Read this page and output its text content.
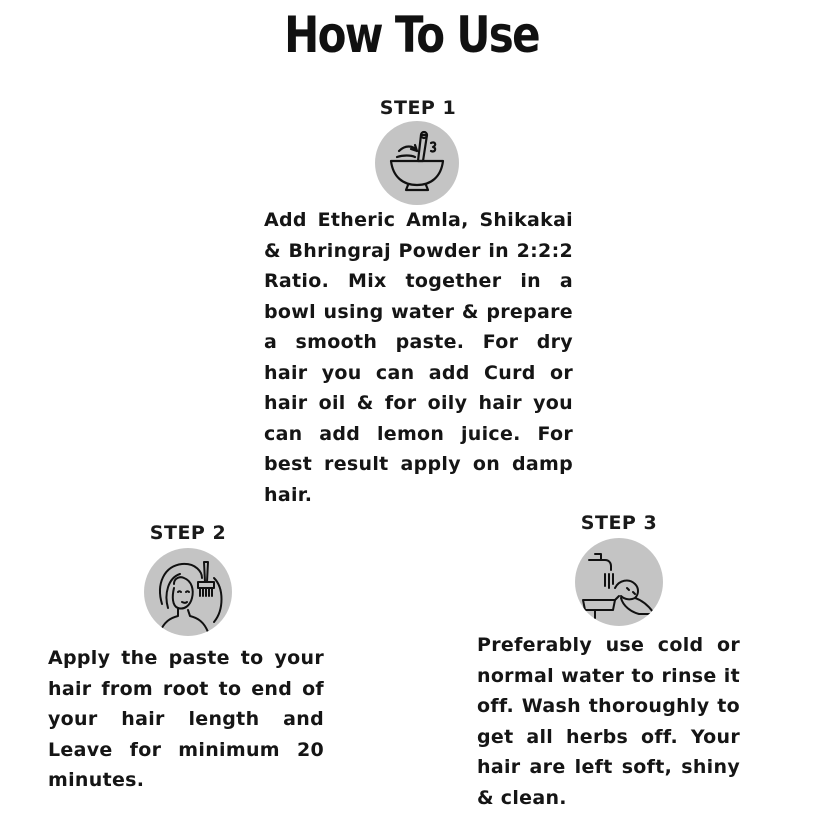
How To Use
STEP 1
Add Etheric Amla, Shikakai & Bhringraj Powder in 2:2:2 Ratio. Mix together in a bowl using water & prepare a smooth paste. For dry hair you can add Curd or hair oil & for oily hair you can add lemon juice. For best result apply on damp hair.
STEP 2
Apply the paste to your hair from root to end of your hair length and Leave for minimum 20 minutes.
STEP 3
Preferably use cold or normal water to rinse it off. Wash thoroughly to get all herbs off. Your hair are left soft, shiny & clean.
